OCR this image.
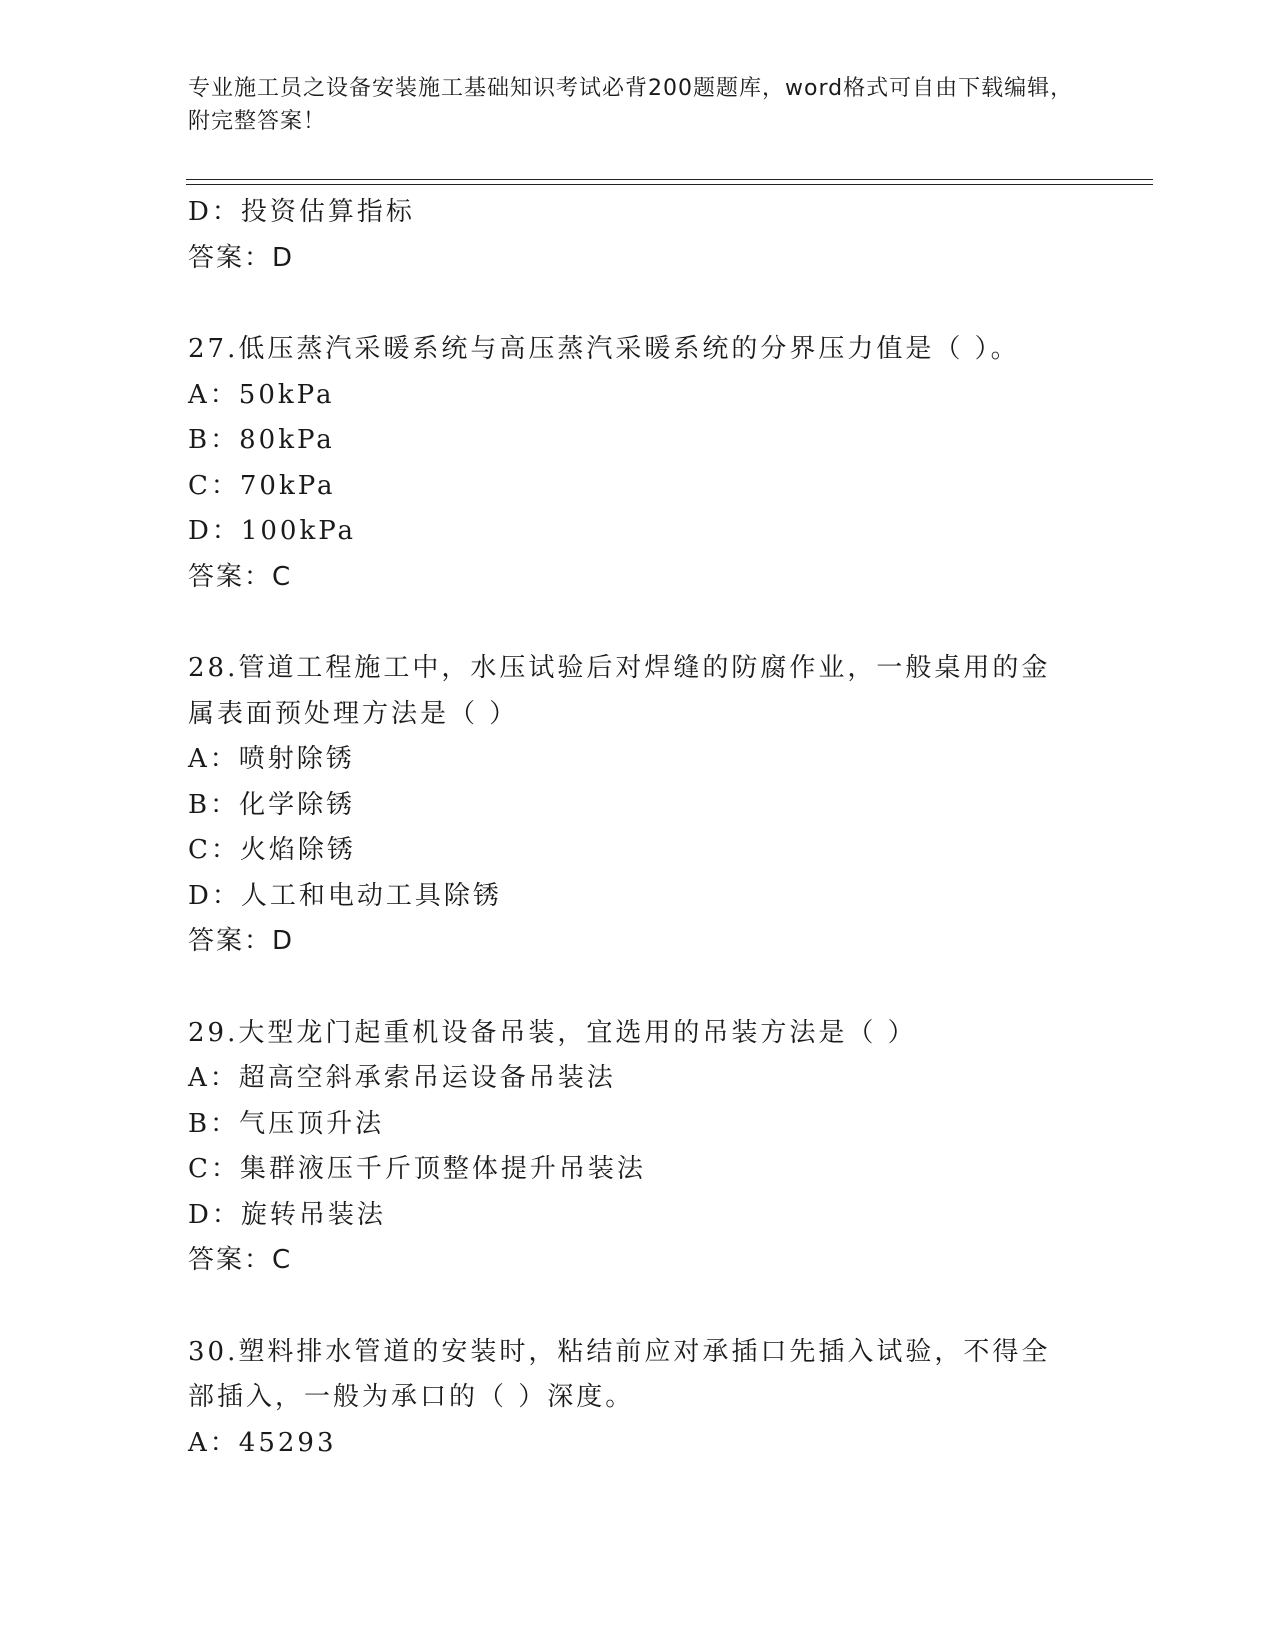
专业施工员之设备安装施工基础知识考试必背200题题库，word格式可自由下载编辑，附完整答案！
D：投资估算指标
答案：D
27.低压蒸汽采暖系统与高压蒸汽采暖系统的分界压力值是（ ）。
A：50kPa
B：80kPa
C：70kPa
D：100kPa
答案：C
28.管道工程施工中，水压试验后对焊缝的防腐作业，一般桌用的金属表面预处理方法是（ ）
A：喷射除锈
B：化学除锈
C：火焰除锈
D：人工和电动工具除锈
答案：D
29.大型龙门起重机设备吊装，宜选用的吊装方法是（ ）
A：超高空斜承索吊运设备吊装法
B：气压顶升法
C：集群液压千斤顶整体提升吊装法
D：旋转吊装法
答案：C
30.塑料排水管道的安装时，粘结前应对承插口先插入试验，不得全部插入，一般为承口的（ ）深度。
A：45293
